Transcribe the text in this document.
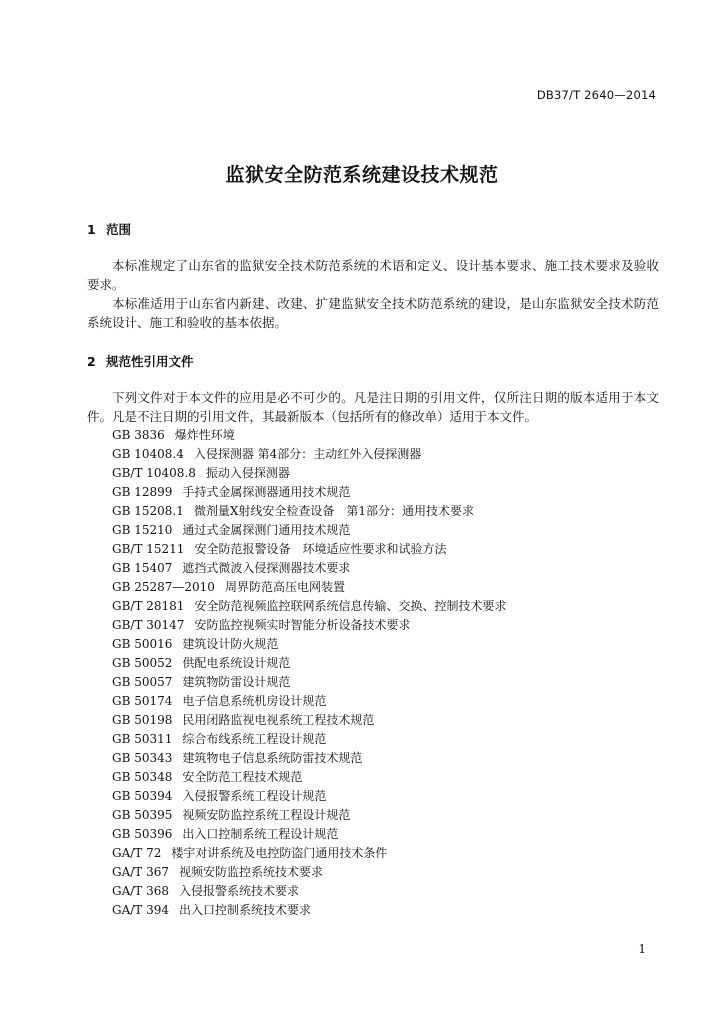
DB37/T 2640—2014
监狱安全防范系统建设技术规范
1 范围

本标准规定了山东省的监狱安全技术防范系统的术语和定义、设计基本要求、施工技术要求及验收要求。

本标准适用于山东省内新建、改建、扩建监狱安全技术防范系统的建设，是山东监狱安全技术防范系统设计、施工和验收的基本依据。

2 规范性引用文件

下列文件对于本文件的应用是必不可少的。凡是注日期的引用文件，仅所注日期的版本适用于本文件。凡是不注日期的引用文件，其最新版本（包括所有的修改单）适用于本文件。

GB 3836 爆炸性环境
GB 10408.4 入侵探测器 第4部分：主动红外入侵探测器
GB/T 10408.8 振动入侵探测器
GB 12899 手持式金属探测器通用技术规范
GB 15208.1 微剂量X射线安全检查设备　第1部分：通用技术要求
GB 15210 通过式金属探测门通用技术规范
GB/T 15211 安全防范报警设备　环境适应性要求和试验方法
GB 15407 遮挡式微波入侵探测器技术要求
GB 25287—2010 周界防范高压电网装置
GB/T 28181 安全防范视频监控联网系统信息传输、交换、控制技术要求
GB/T 30147 安防监控视频实时智能分析设备技术要求
GB 50016 建筑设计防火规范
GB 50052 供配电系统设计规范
GB 50057 建筑物防雷设计规范
GB 50174 电子信息系统机房设计规范
GB 50198 民用闭路监视电视系统工程技术规范
GB 50311 综合布线系统工程设计规范
GB 50343 建筑物电子信息系统防雷技术规范
GB 50348 安全防范工程技术规范
GB 50394 入侵报警系统工程设计规范
GB 50395 视频安防监控系统工程设计规范
GB 50396 出入口控制系统工程设计规范
GA/T 72 楼宇对讲系统及电控防盗门通用技术条件
GA/T 367 视频安防监控系统技术要求
GA/T 368 入侵报警系统技术要求
GA/T 394 出入口控制系统技术要求
1
